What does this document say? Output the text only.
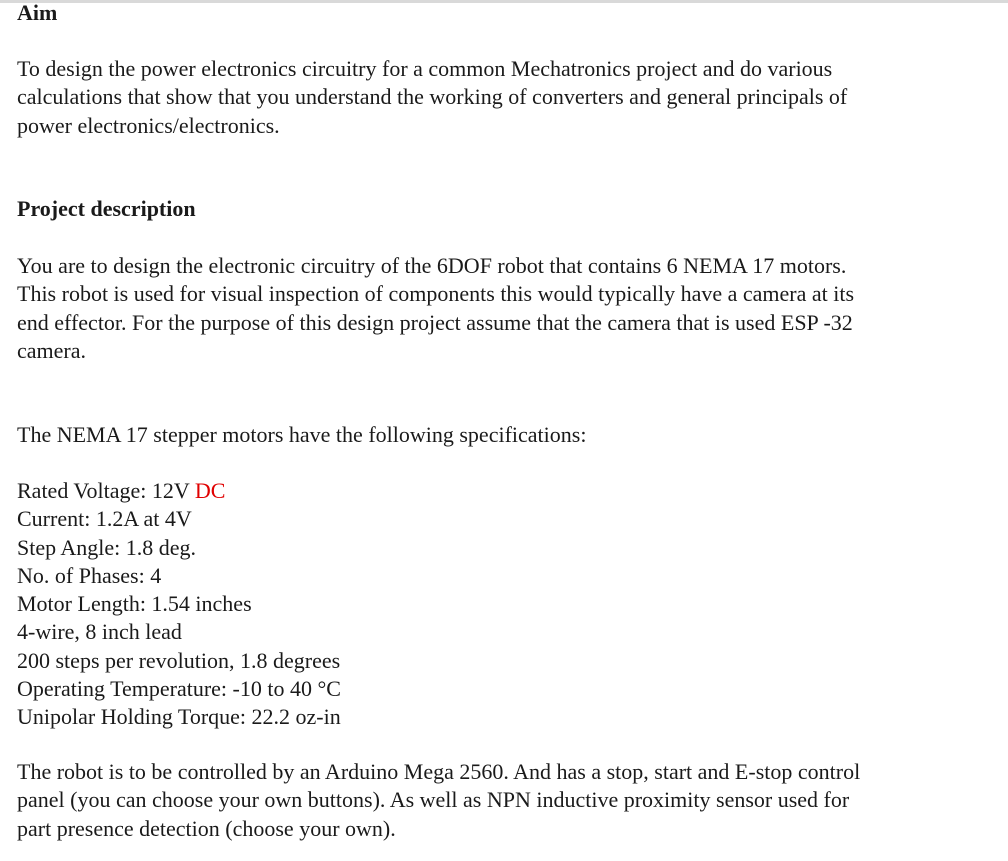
Aim
To design the power electronics circuitry for a common Mechatronics project and do various
calculations that show that you understand the working of converters and general principals of
power electronics/electronics.
Project description
You are to design the electronic circuitry of the 6DOF robot that contains 6 NEMA 17 motors.
This robot is used for visual inspection of components this would typically have a camera at its
end effector. For the purpose of this design project assume that the camera that is used ESP -32
camera.
The NEMA 17 stepper motors have the following specifications:
Rated Voltage: 12V DC
Current: 1.2A at 4V
Step Angle: 1.8 deg.
No. of Phases: 4
Motor Length: 1.54 inches
4-wire, 8 inch lead
200 steps per revolution, 1.8 degrees
Operating Temperature: -10 to 40 °C
Unipolar Holding Torque: 22.2 oz-in
The robot is to be controlled by an Arduino Mega 2560. And has a stop, start and E-stop control
panel (you can choose your own buttons). As well as NPN inductive proximity sensor used for
part presence detection (choose your own).
